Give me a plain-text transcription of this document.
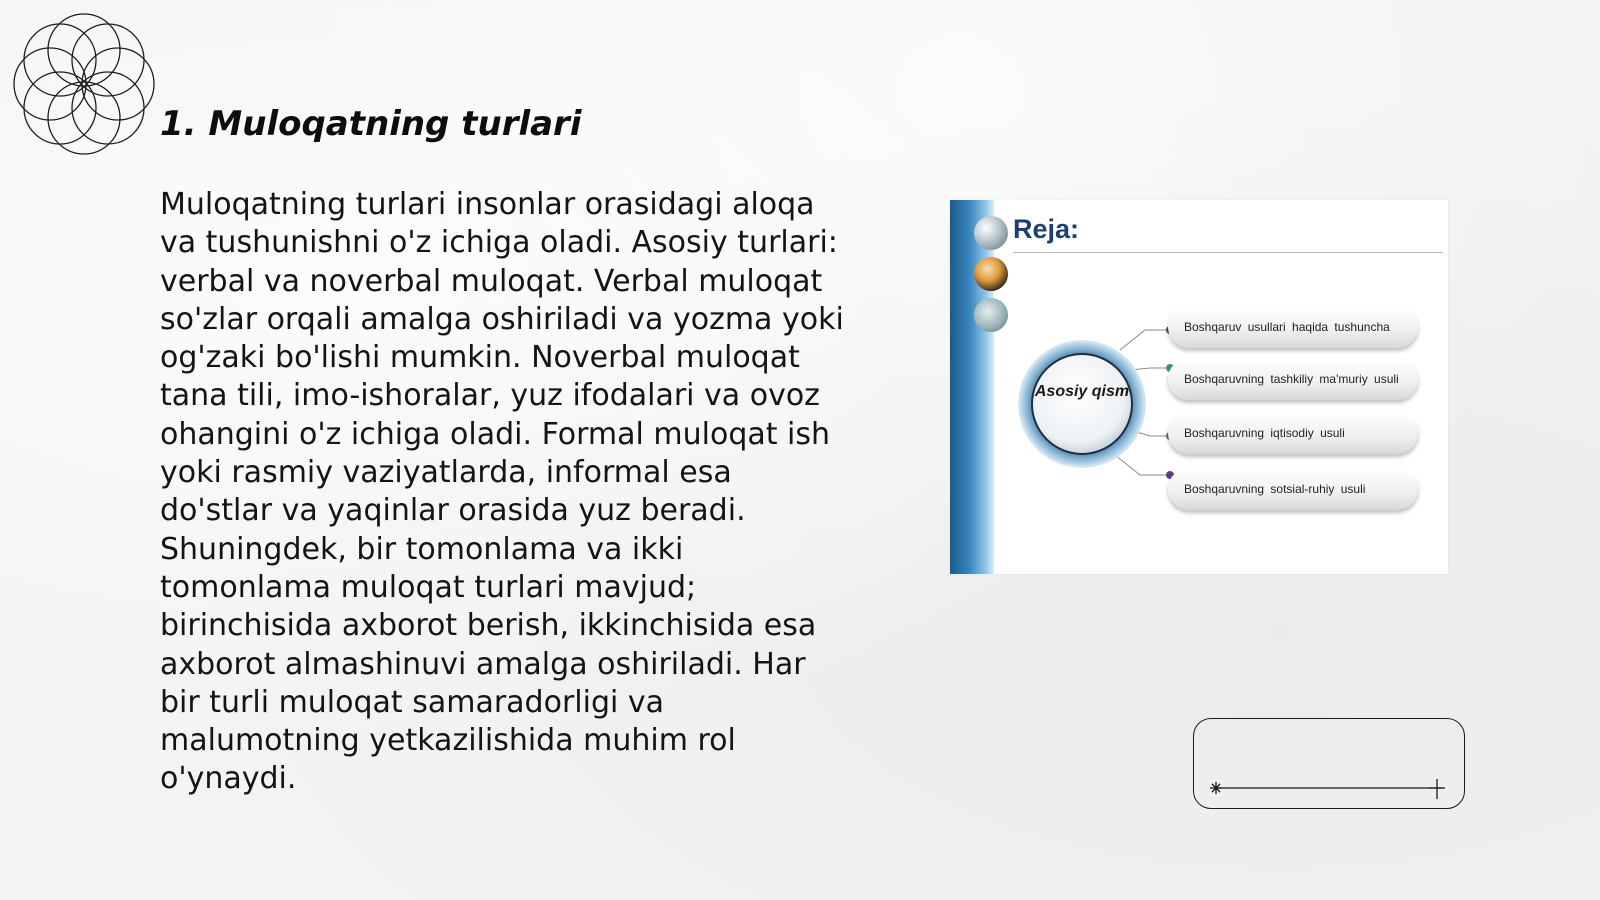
1. Muloqatning turlari

Muloqatning turlari insonlar orasidagi aloqa va tushunishni o'z ichiga oladi. Asosiy turlari: verbal va noverbal muloqat. Verbal muloqat so'zlar orqali amalga oshiriladi va yozma yoki og'zaki bo'lishi mumkin. Noverbal muloqat tana tili, imo-ishoralar, yuz ifodalari va ovoz ohangini o'z ichiga oladi. Formal muloqat ish yoki rasmiy vaziyatlarda, informal esa do'stlar va yaqinlar orasida yuz beradi. Shuningdek, bir tomonlama va ikki tomonlama muloqat turlari mavjud; birinchisida axborot berish, ikkinchisida esa axborot almashinuvi amalga oshiriladi. Har bir turli muloqat samaradorligi va malumotning yetkazilishida muhim rol o'ynaydi.

Reja:
Asosiy qism
Boshqaruv usullari haqida tushuncha
Boshqaruvning tashkiliy ma'muriy usuli
Boshqaruvning iqtisodiy usuli
Boshqaruvning sotsial-ruhiy usuli
